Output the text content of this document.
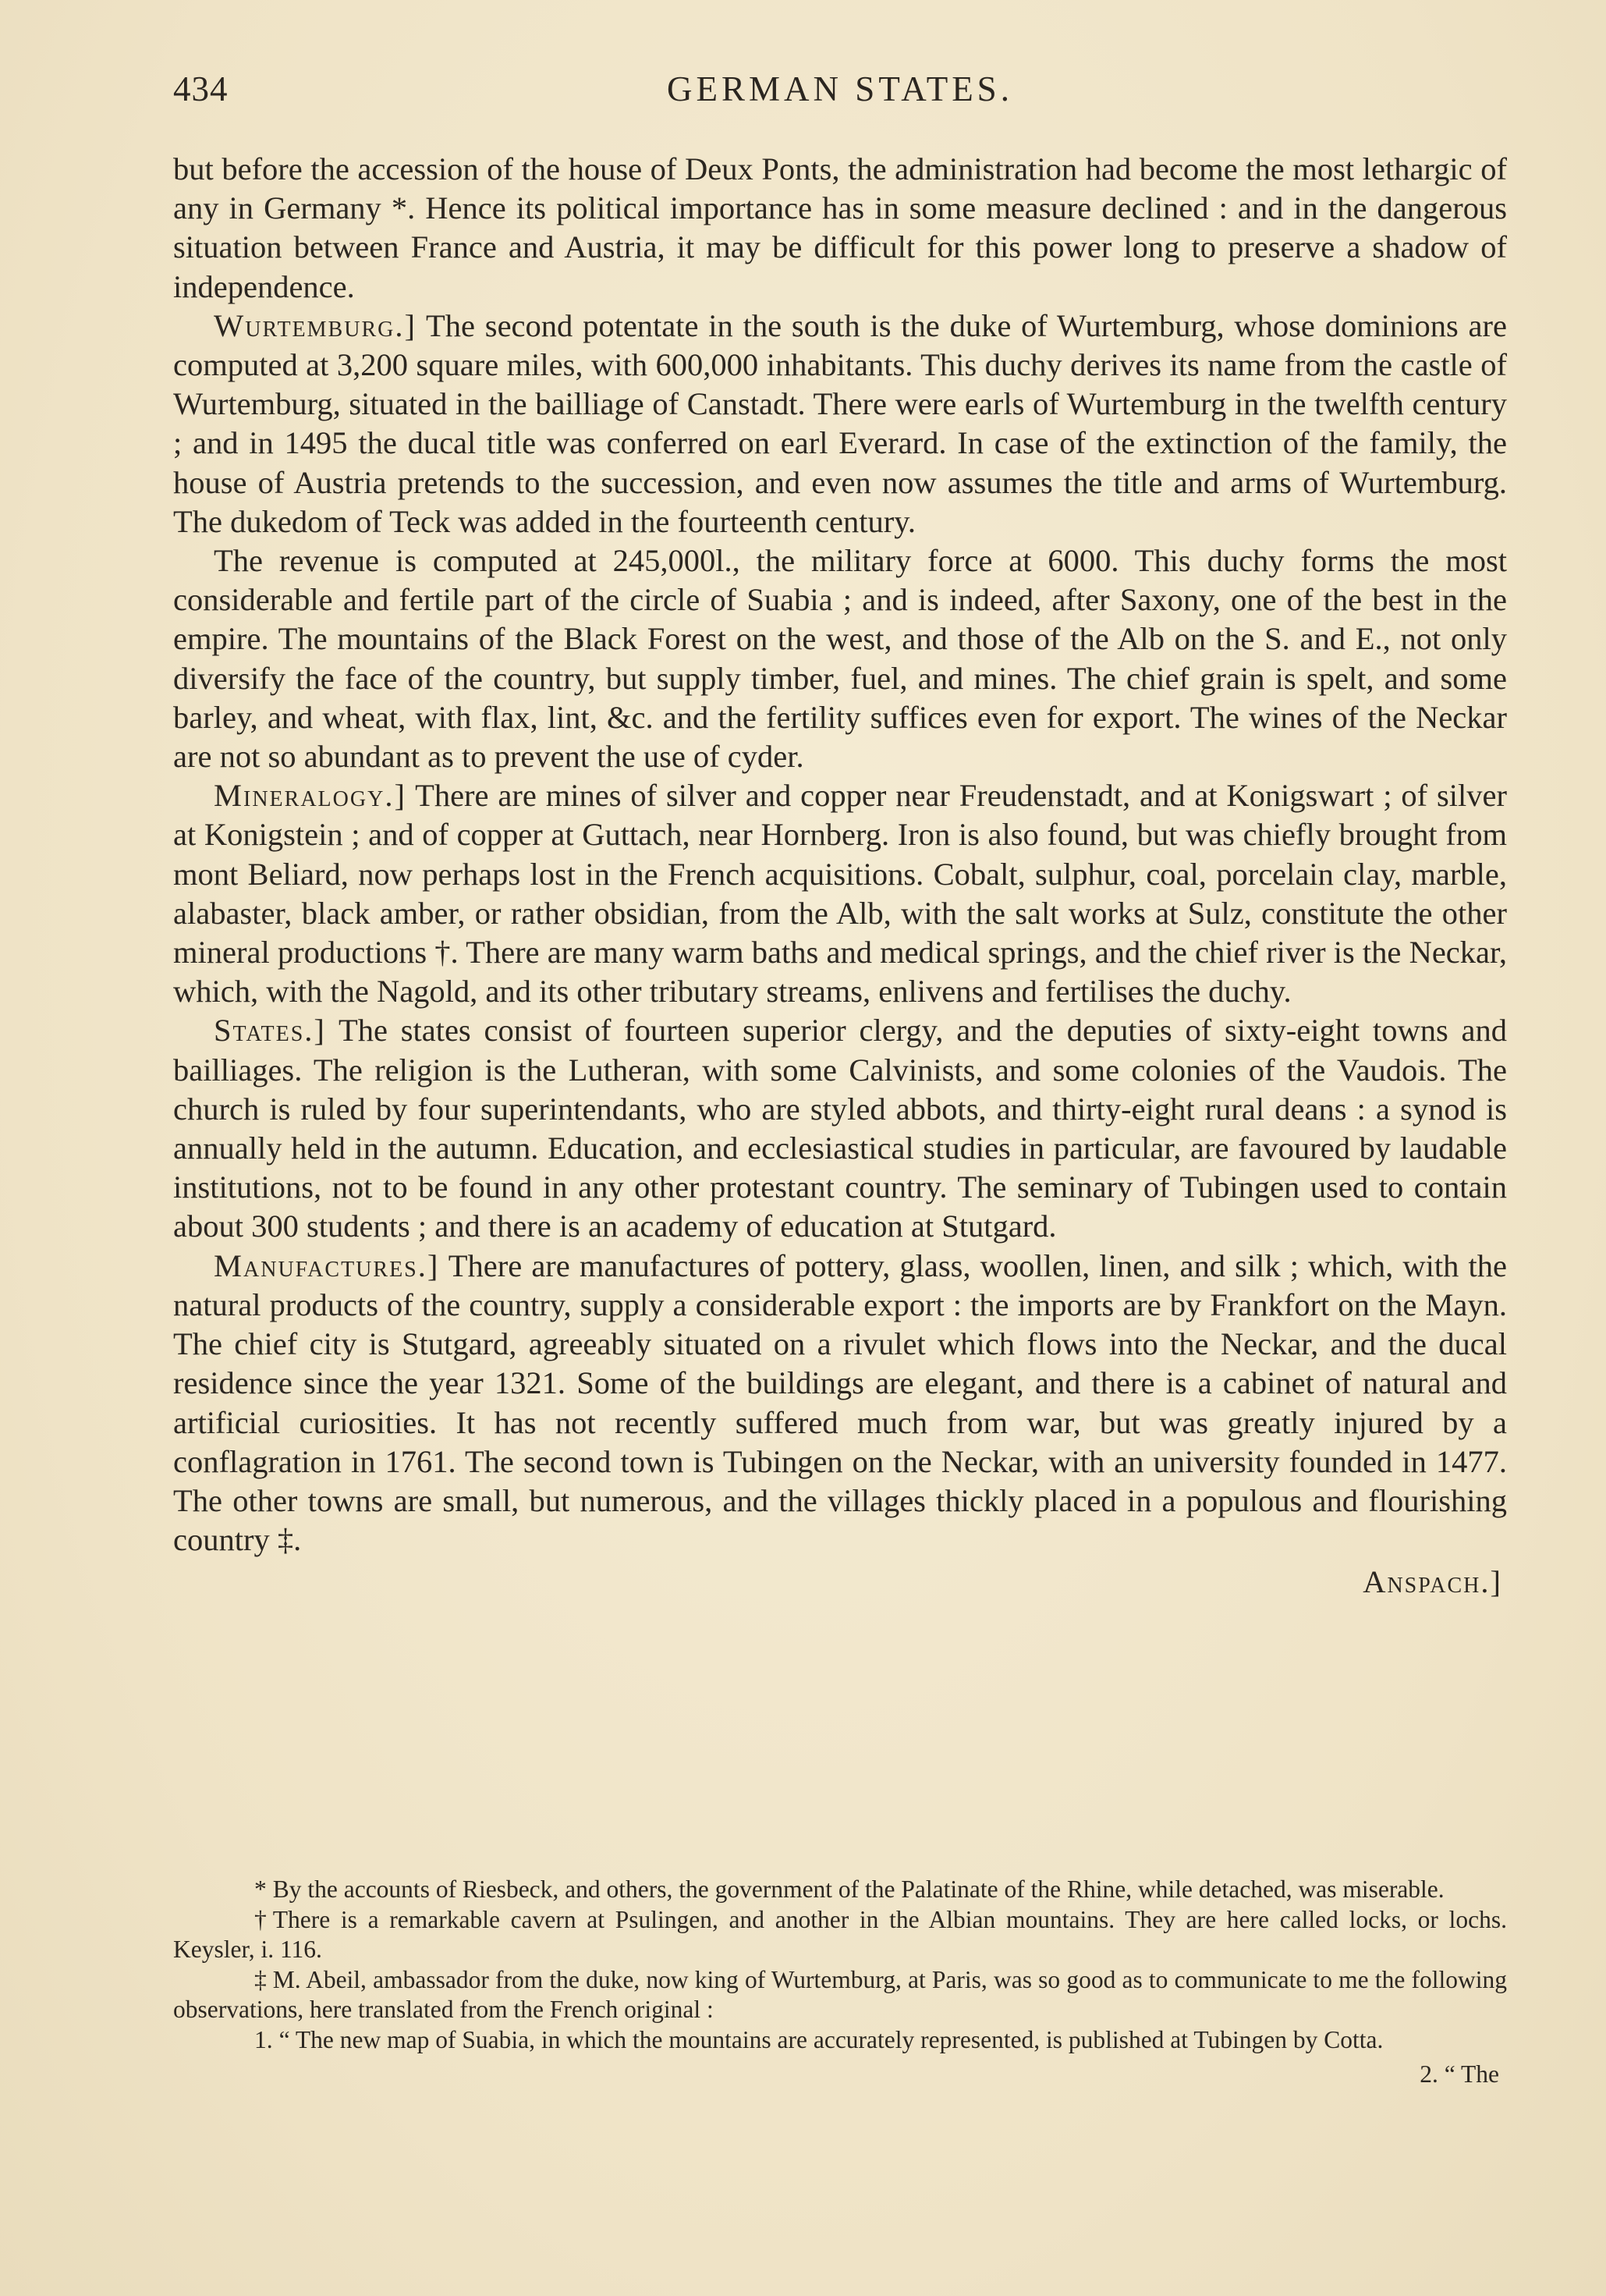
434	GERMAN STATES.

but before the accession of the house of Deux Ponts, the administration had become the most lethargic of any in Germany *. Hence its political importance has in some measure declined : and in the dangerous situation between France and Austria, it may be difficult for this power long to preserve a shadow of independence.

Wurtemburg.] The second potentate in the south is the duke of Wurtemburg, whose dominions are computed at 3,200 square miles, with 600,000 inhabitants. This duchy derives its name from the castle of Wurtemburg, situated in the bailliage of Canstadt. There were earls of Wurtemburg in the twelfth century ; and in 1495 the ducal title was conferred on earl Everard. In case of the extinction of the family, the house of Austria pretends to the succession, and even now assumes the title and arms of Wurtemburg. The dukedom of Teck was added in the fourteenth century.

The revenue is computed at 245,000l., the military force at 6000. This duchy forms the most considerable and fertile part of the circle of Suabia ; and is indeed, after Saxony, one of the best in the empire. The mountains of the Black Forest on the west, and those of the Alb on the S. and E., not only diversify the face of the country, but supply timber, fuel, and mines. The chief grain is spelt, and some barley, and wheat, with flax, lint, &c. and the fertility suffices even for export. The wines of the Neckar are not so abundant as to prevent the use of cyder.

Mineralogy.] There are mines of silver and copper near Freudenstadt, and at Konigswart ; of silver at Konigstein ; and of copper at Guttach, near Hornberg. Iron is also found, but was chiefly brought from mont Beliard, now perhaps lost in the French acquisitions. Cobalt, sulphur, coal, porcelain clay, marble, alabaster, black amber, or rather obsidian, from the Alb, with the salt works at Sulz, constitute the other mineral productions †. There are many warm baths and medical springs, and the chief river is the Neckar, which, with the Nagold, and its other tributary streams, enlivens and fertilises the duchy.

States.] The states consist of fourteen superior clergy, and the deputies of sixty-eight towns and bailliages. The religion is the Lutheran, with some Calvinists, and some colonies of the Vaudois. The church is ruled by four superintendants, who are styled abbots, and thirty-eight rural deans : a synod is annually held in the autumn. Education, and ecclesiastical studies in particular, are favoured by laudable institutions, not to be found in any other protestant country. The seminary of Tubingen used to contain about 300 students ; and there is an academy of education at Stutgard.

Manufactures.] There are manufactures of pottery, glass, woollen, linen, and silk ; which, with the natural products of the country, supply a considerable export : the imports are by Frankfort on the Mayn. The chief city is Stutgard, agreeably situated on a rivulet which flows into the Neckar, and the ducal residence since the year 1321. Some of the buildings are elegant, and there is a cabinet of natural and artificial curiosities. It has not recently suffered much from war, but was greatly injured by a conflagration in 1761. The second town is Tubingen on the Neckar, with an university founded in 1477. The other towns are small, but numerous, and the villages thickly placed in a populous and flourishing country ‡.

Anspach.]

* By the accounts of Riesbeck, and others, the government of the Palatinate of the Rhine, while detached, was miserable.

† There is a remarkable cavern at Psulingen, and another in the Albian mountains. They are here called locks, or lochs. Keysler, i. 116.

‡ M. Abeil, ambassador from the duke, now king of Wurtemburg, at Paris, was so good as to communicate to me the following observations, here translated from the French original :

1. “ The new map of Suabia, in which the mountains are accurately represented, is published at Tubingen by Cotta.

2. “ The
